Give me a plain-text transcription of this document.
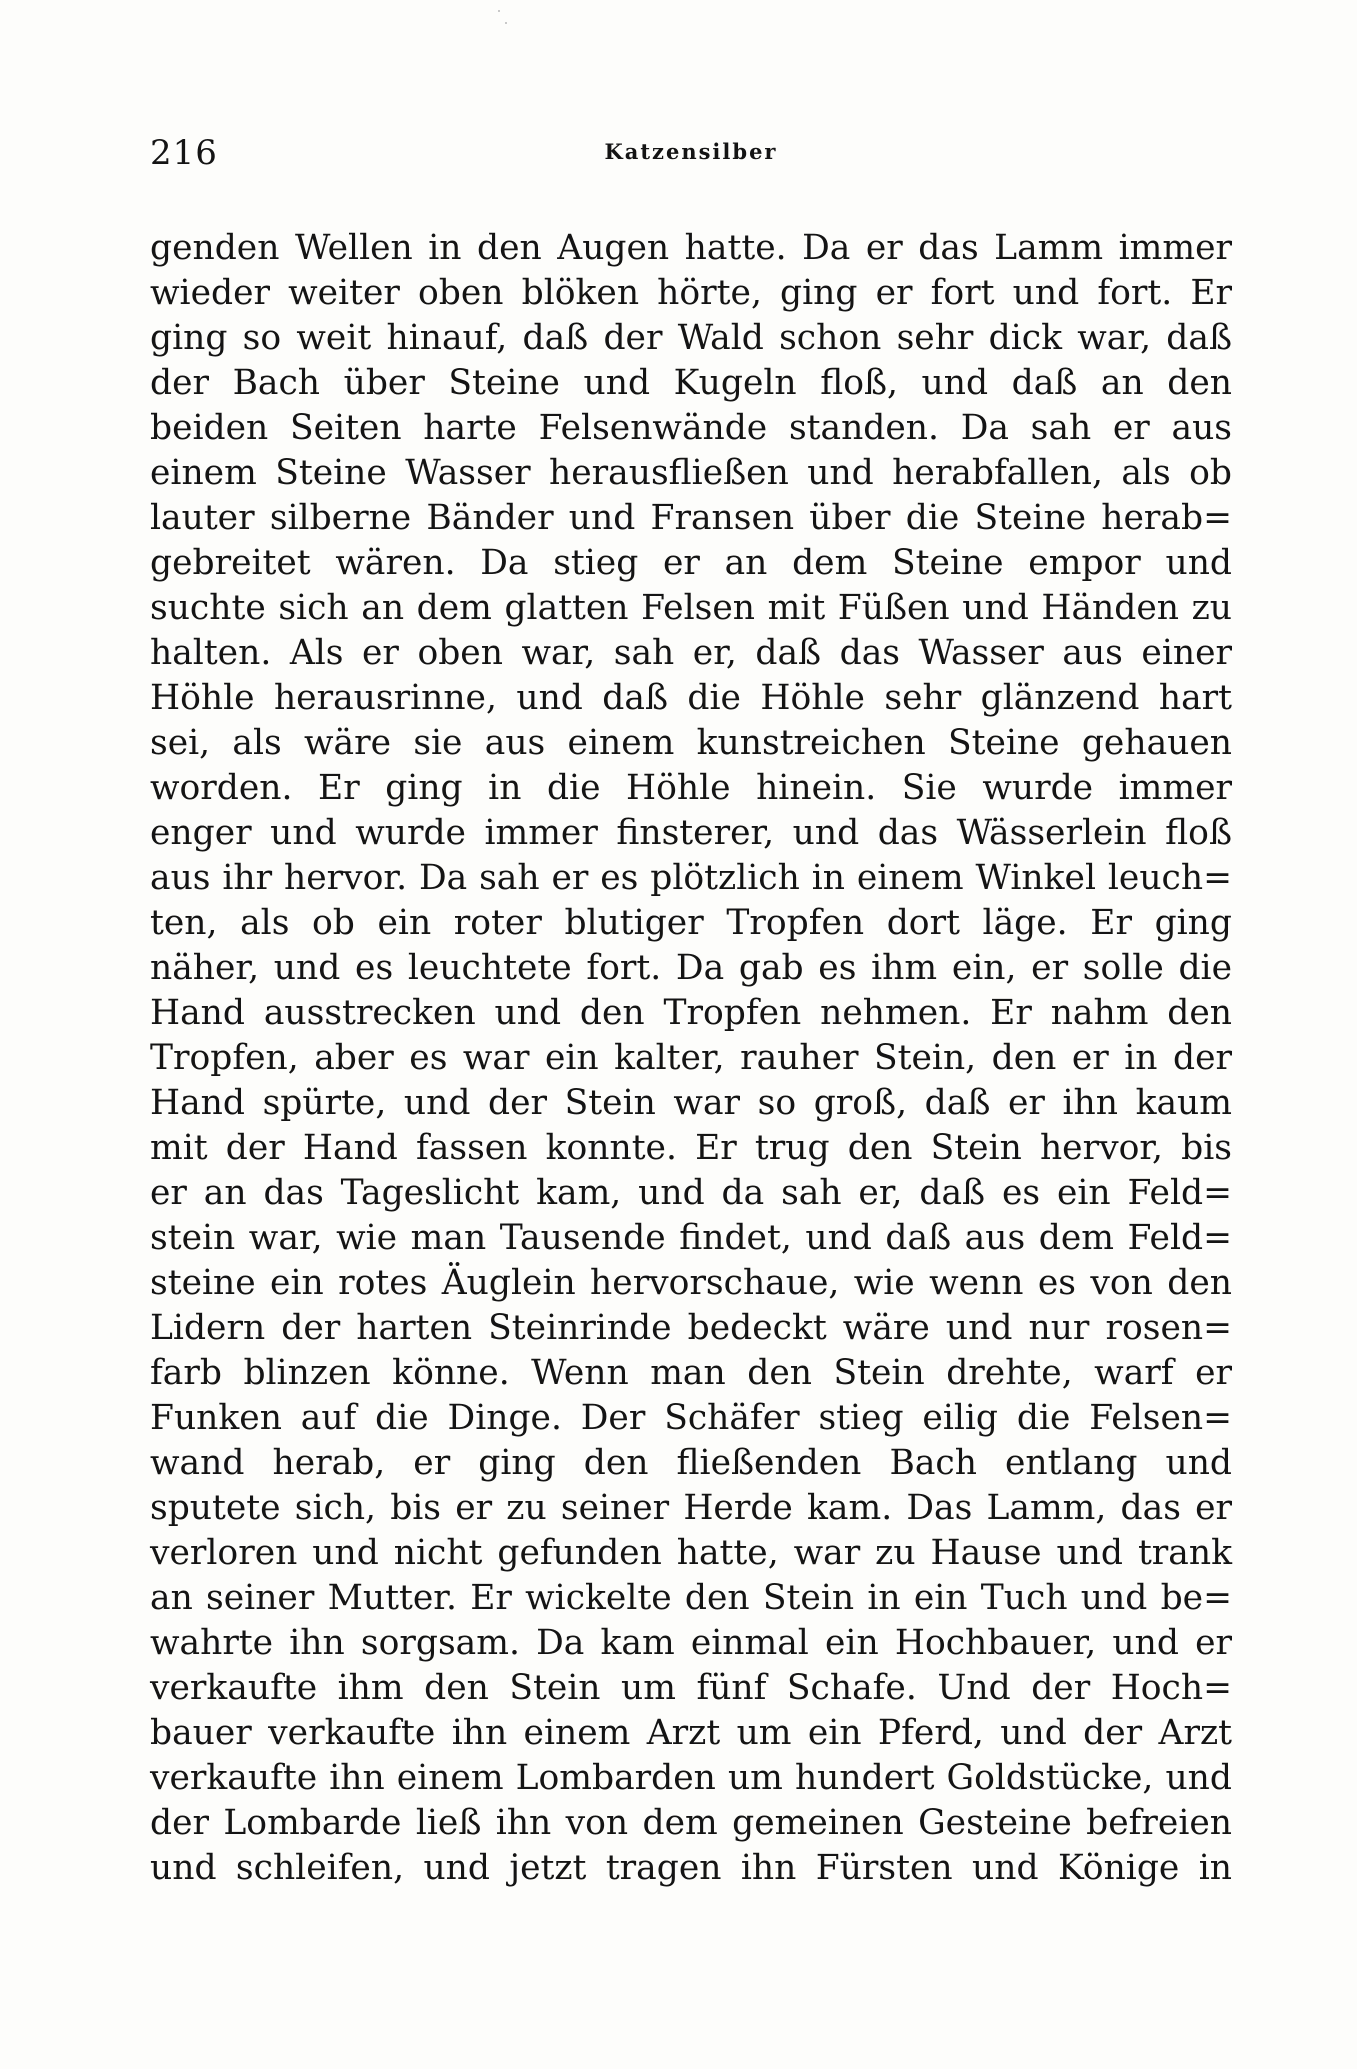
216	Katzensilber
genden Wellen in den Augen hatte. Da er das Lamm immer
wieder weiter oben blöken hörte, ging er fort und fort. Er
ging so weit hinauf, daß der Wald schon sehr dick war, daß
der Bach über Steine und Kugeln floß, und daß an den
beiden Seiten harte Felsenwände standen. Da sah er aus
einem Steine Wasser herausfließen und herabfallen, als ob
lauter silberne Bänder und Fransen über die Steine herab=
gebreitet wären. Da stieg er an dem Steine empor und
suchte sich an dem glatten Felsen mit Füßen und Händen zu
halten. Als er oben war, sah er, daß das Wasser aus einer
Höhle herausrinne, und daß die Höhle sehr glänzend hart
sei, als wäre sie aus einem kunstreichen Steine gehauen
worden. Er ging in die Höhle hinein. Sie wurde immer
enger und wurde immer finsterer, und das Wässerlein floß
aus ihr hervor. Da sah er es plötzlich in einem Winkel leuch=
ten, als ob ein roter blutiger Tropfen dort läge. Er ging
näher, und es leuchtete fort. Da gab es ihm ein, er solle die
Hand ausstrecken und den Tropfen nehmen. Er nahm den
Tropfen, aber es war ein kalter, rauher Stein, den er in der
Hand spürte, und der Stein war so groß, daß er ihn kaum
mit der Hand fassen konnte. Er trug den Stein hervor, bis
er an das Tageslicht kam, und da sah er, daß es ein Feld=
stein war, wie man Tausende findet, und daß aus dem Feld=
steine ein rotes Äuglein hervorschaue, wie wenn es von den
Lidern der harten Steinrinde bedeckt wäre und nur rosen=
farb blinzen könne. Wenn man den Stein drehte, warf er
Funken auf die Dinge. Der Schäfer stieg eilig die Felsen=
wand herab, er ging den fließenden Bach entlang und
sputete sich, bis er zu seiner Herde kam. Das Lamm, das er
verloren und nicht gefunden hatte, war zu Hause und trank
an seiner Mutter. Er wickelte den Stein in ein Tuch und be=
wahrte ihn sorgsam. Da kam einmal ein Hochbauer, und er
verkaufte ihm den Stein um fünf Schafe. Und der Hoch=
bauer verkaufte ihn einem Arzt um ein Pferd, und der Arzt
verkaufte ihn einem Lombarden um hundert Goldstücke, und
der Lombarde ließ ihn von dem gemeinen Gesteine befreien
und schleifen, und jetzt tragen ihn Fürsten und Könige in
